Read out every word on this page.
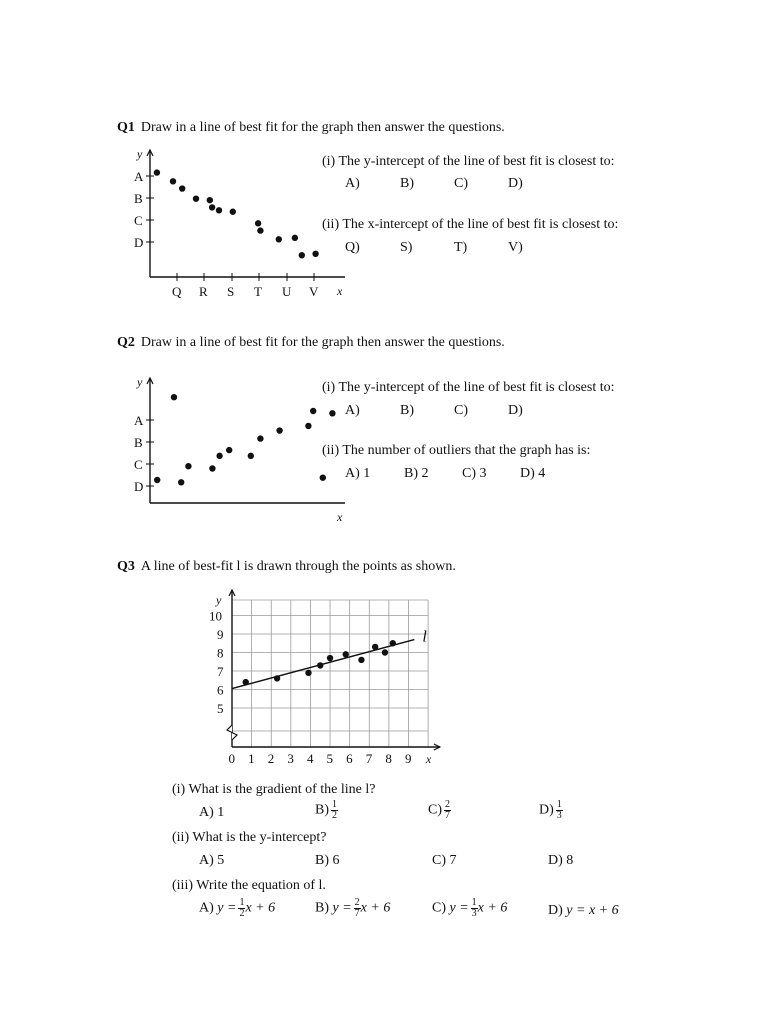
Q1 Draw in a line of best fit for the graph then answer the questions.
y
x
A
B
C
D
Q R S T U V
(i) The y-intercept of the line of best fit is closest to:
A)	B)	C)	D)
(ii) The x-intercept of the line of best fit is closest to:
Q)	S)	T)	V)
Q2 Draw in a line of best fit for the graph then answer the questions.
y
x
A
B
C
D
(i) The y-intercept of the line of best fit is closest to:
A)	B)	C)	D)
(ii) The number of outliers that the graph has is:
A) 1 B) 2 C) 3 D) 4
Q3 A line of best-fit l is drawn through the points as shown.
y
x
0 1 2 3 4 5 6 7 8 9
5
6
7
8
9
10
l
(i) What is the gradient of the line l?
A) 1	$B) \frac{1}{2}$	$C) \frac{2}{7}$	$D) \frac{1}{3}$
(ii) What is the y-intercept?
A) 5	B) 6	C) 7	D) 8
(iii) Write the equation of l.
A) $y = \frac{1}{2}$ x + 6	B) $y = \frac{2}{7}$ x + 6	C) $y = \frac{1}{3}$ x + 6	D) y = x + 6
